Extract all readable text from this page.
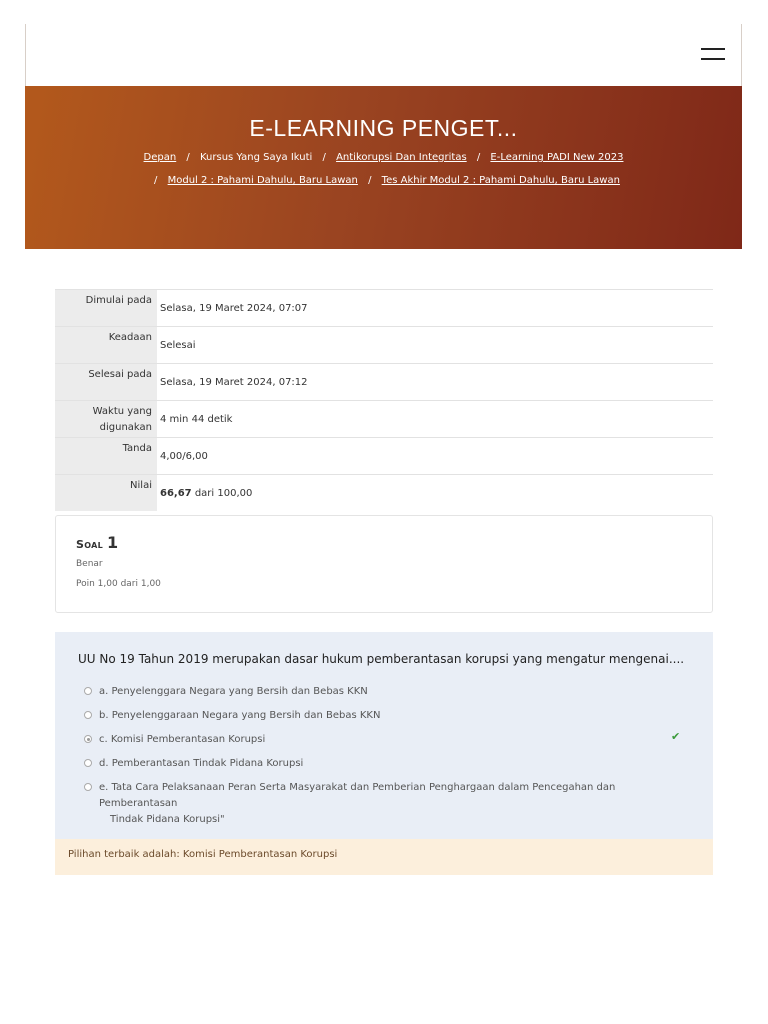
E-LEARNING PENGET...
Depan / Kursus Yang Saya Ikuti / Antikorupsi Dan Integritas / E-Learning PADI New 2023
/ Modul 2 : Pahami Dahulu, Baru Lawan / Tes Akhir Modul 2 : Pahami Dahulu, Baru Lawan
Dimulai pada	Selasa, 19 Maret 2024, 07:07
Keadaan	Selesai
Selesai pada	Selasa, 19 Maret 2024, 07:12
Waktu yang digunakan	4 min 44 detik
Tanda	4,00/6,00
Nilai	66,67 dari 100,00
Soal 1
Benar
Poin 1,00 dari 1,00
UU No 19 Tahun 2019 merupakan dasar hukum pemberantasan korupsi yang mengatur mengenai....
a. Penyelenggara Negara yang Bersih dan Bebas KKN
b. Penyelenggaraan Negara yang Bersih dan Bebas KKN
c. Komisi Pemberantasan Korupsi
d. Pemberantasan Tindak Pidana Korupsi
e. Tata Cara Pelaksanaan Peran Serta Masyarakat dan Pemberian Penghargaan dalam Pencegahan dan Pemberantasan
Tindak Pidana Korupsi"
✔
Pilihan terbaik adalah: Komisi Pemberantasan Korupsi
